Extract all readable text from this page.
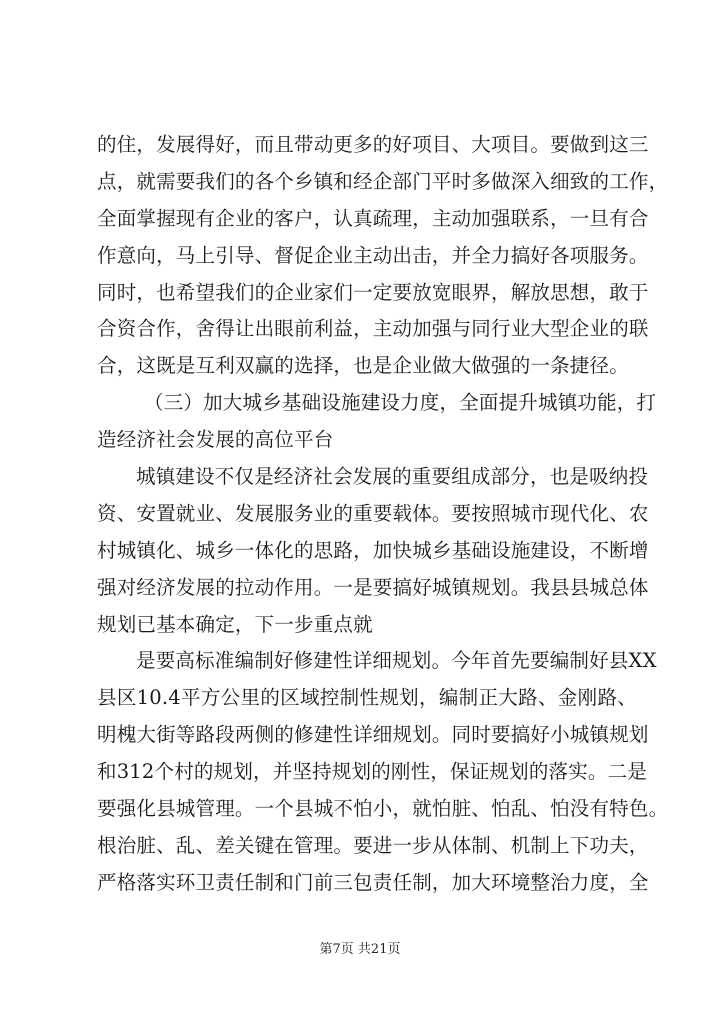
的住，发展得好，而且带动更多的好项目、大项目。要做到这三
点，就需要我们的各个乡镇和经企部门平时多做深入细致的工作，
全面掌握现有企业的客户，认真疏理，主动加强联系，一旦有合
作意向，马上引导、督促企业主动出击，并全力搞好各项服务。
同时，也希望我们的企业家们一定要放宽眼界，解放思想，敢于
合资合作，舍得让出眼前利益，主动加强与同行业大型企业的联
合，这既是互利双赢的选择，也是企业做大做强的一条捷径。
（三）加大城乡基础设施建设力度，全面提升城镇功能，打
造经济社会发展的高位平台
城镇建设不仅是经济社会发展的重要组成部分，也是吸纳投
资、安置就业、发展服务业的重要载体。要按照城市现代化、农
村城镇化、城乡一体化的思路，加快城乡基础设施建设，不断增
强对经济发展的拉动作用。一是要搞好城镇规划。我县县城总体
规划已基本确定，下一步重点就
是要高标准编制好修建性详细规划。今年首先要编制好县XX
县区10.4平方公里的区域控制性规划，编制正大路、金刚路、
明槐大街等路段两侧的修建性详细规划。同时要搞好小城镇规划
和312个村的规划，并坚持规划的刚性，保证规划的落实。二是
要强化县城管理。一个县城不怕小，就怕脏、怕乱、怕没有特色。
根治脏、乱、差关键在管理。要进一步从体制、机制上下功夫，
严格落实环卫责任制和门前三包责任制，加大环境整治力度，全
第7页 共21页
